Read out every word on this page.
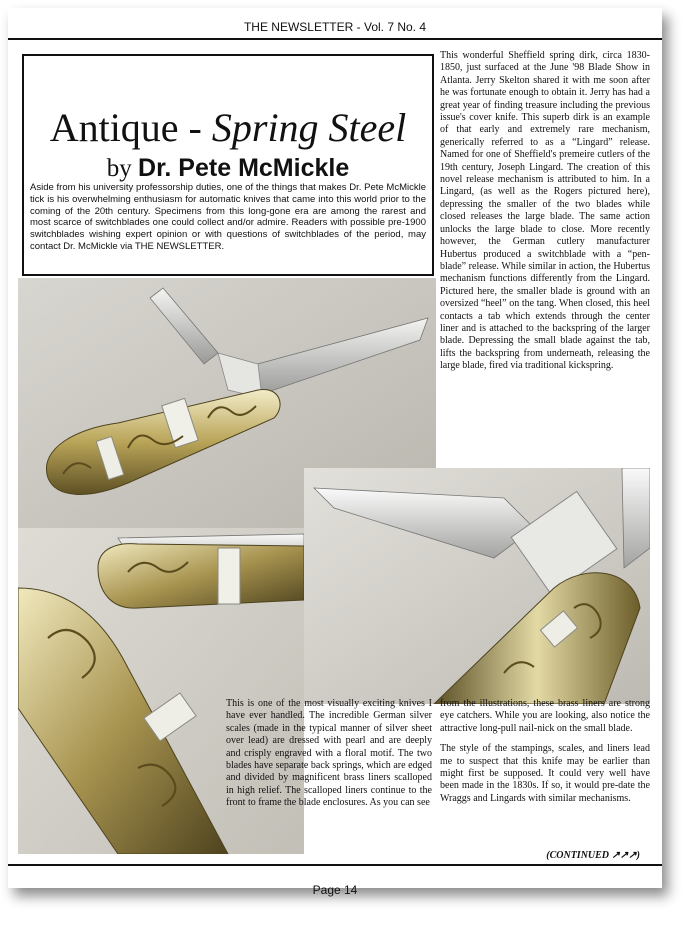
THE NEWSLETTER - Vol. 7 No. 4
Antique - Spring Steel
by Dr. Pete McMickle
Aside from his university professorship duties, one of the things that makes Dr. Pete McMickle tick is his overwhelming enthusiasm for automatic knives that came into this world prior to the coming of the 20th century. Specimens from this long-gone era are among the rarest and most scarce of switchblades one could collect and/or admire. Readers with possible pre-1900 switchblades wishing expert opinion or with questions of switchblades of the period, may contact Dr. McMickle via THE NEWSLETTER.

This wonderful Sheffield spring dirk, circa 1830-1850, just surfaced at the June '98 Blade Show in Atlanta. Jerry Skelton shared it with me soon after he was fortunate enough to obtain it. Jerry has had a great year of finding treasure including the previous issue's cover knife. This superb dirk is an example of that early and extremely rare mechanism, generically referred to as a “Lingard” release. Named for one of Sheffield's premeire cutlers of the 19th century, Joseph Lingard. The creation of this novel release mechanism is attributed to him. In a Lingard, (as well as the Rogers pictured here), depressing the smaller of the two blades while closed releases the large blade. The same action unlocks the large blade to close. More recently however, the German cutlery manufacturer Hubertus produced a switchblade with a “pen-blade” release. While similar in action, the Hubertus mechanism functions differently from the Lingard. Pictured here, the smaller blade is ground with an oversized “heel” on the tang. When closed, this heel contacts a tab which extends through the center liner and is attached to the backspring of the larger blade. Depressing the small blade against the tab, lifts the backspring from underneath, releasing the large blade, fired via traditional kickspring.

This is one of the most visually exciting knives I have ever handled. The incredible German silver scales (made in the typical manner of silver sheet over lead) are dressed with pearl and are deeply and crisply engraved with a floral motif. The two blades have separate back springs, which are edged and divided by magnificent brass liners scalloped in high relief. The scalloped liners continue to the front to frame the blade enclosures. As you can see

from the illustrations, these brass liners are strong eye catchers. While you are looking, also notice the attractive long-pull nail-nick on the small blade.

The style of the stampings, scales, and liners lead me to suspect that this knife may be earlier than might first be supposed. It could very well have been made in the 1830s. If so, it would pre-date the Wraggs and Lingards with similar mechanisms.

(CONTINUED ↗↗↗)
Page 14
